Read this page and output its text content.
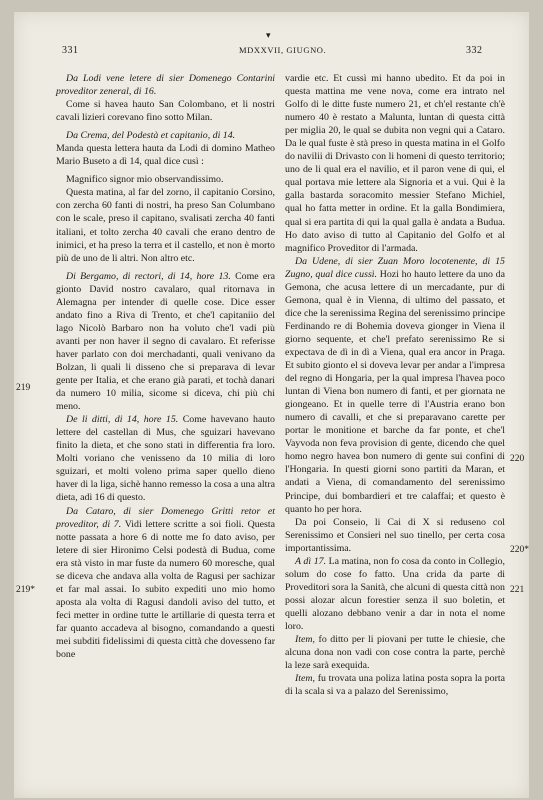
▾
331	MDXXVII, GIUGNO.	332
219
219*
220
220*
221

Da Lodi vene letere di sier Domenego Contarini proveditor zeneral, di 16.

Come si havea hauto San Colombano, et li nostri cavali lizieri corevano fino sotto Milan.

Da Crema, del Podestà et capitanio, di 14.

Manda questa lettera hauta da Lodi di domino Matheo Mario Buseto a dì 14, qual dice cusì :

Magnifico signor mio observandissimo.

Questa matina, al far del zorno, il capitanio Corsino, con zercha 60 fanti di nostri, ha preso San Columbano con le scale, preso il capitano, svalisati zercha 40 fanti italiani, et tolto zercha 40 cavali che erano dentro de inimici, et ha preso la terra et il castello, et non è morto più de uno de li altri. Non altro etc.

Di Bergamo, di rectori, di 14, hore 13. Come era gionto David nostro cavalaro, qual ritornava in Alemagna per intender di quelle cose. Dice esser andato fino a Riva di Trento, et che'l capitaniio del lago Nicolò Barbaro non ha voluto che'l vadi più avanti per non haver il segno di cavalaro. Et referisse haver parlato con doi merchadanti, quali venivano da Bolzan, li quali li disseno che si preparava di levar gente per Italia, et che erano già parati, et tochà danari da numero 10 milia, sicome si diceva, chi più chi meno.

De li ditti, di 14, hore 15. Come havevano hauto lettere del castellan di Mus, che sguizari havevano finito la dieta, et che sono stati in differentia fra loro. Molti voriano che venisseno da 10 milia di loro sguizari, et molti voleno prima saper quello dieno haver di la liga, sichè hanno remesso la cosa a una altra dieta, adì 16 di questo.

Da Cataro, di sier Domenego Gritti retor et proveditor, di 7. Vidi lettere scritte a soi fioli. Questa notte passata a hore 6 di notte me fo dato aviso, per letere di sier Hironimo Celsi podestà di Budua, come era stà visto in mar fuste da numero 60 moresche, qual se diceva che andava alla volta de Ragusi per sachizar et far mal assai. Io subito expediti uno mio homo aposta ala volta di Ragusi dandoli aviso del tutto, et feci metter in ordine tutte le artillarie di questa terra et far quanto accadeva al bisogno, comandando a questi mei subditi fidelissimi di questa città che dovesseno far bone

vardie etc. Et cussì mi hanno ubedito. Et da poi in questa mattina me vene nova, come era intrato nel Golfo di le ditte fuste numero 21, et ch'el restante ch'è numero 40 è restato a Malunta, luntan di questa città per miglia 20, le qual se dubita non vegni qui a Cataro. Da le qual fuste è stà preso in questa matina in el Golfo do navilii di Drivasto con li homeni di questo territorio; uno de li qual era el navilio, et il paron vene di qui, el qual portava mie lettere ala Signoria et a vui. Qui è la galla bastarda soracomito messier Stefano Michiel, qual ho fatta metter in ordine. Et la galla Bondimiera, qual si era partita di qui la qual galla è andata a Budua. Ho dato aviso di tutto al Capitanio del Golfo et al magnifico Proveditor di l'armada.

Da Udene, di sier Zuan Moro locotenente, di 15 Zugno, qual dice cussì. Hozi ho hauto lettere da uno da Gemona, che acusa lettere di un mercadante, pur di Gemona, qual è in Vienna, di ultimo del passato, et dice che la serenissima Regina del serenissimo principe Ferdinando re di Bohemia doveva gionger in Viena il giorno sequente, et che'l prefato serenissimo Re si expectava de dì in dì a Viena, qual era ancor in Praga. Et subito gionto el si doveva levar per andar a l'impresa del regno di Hongaria, per la qual impresa l'havea poco luntan di Viena bon numero di fanti, et per giornata ne giongeano. Et in quelle terre di l'Austria erano bon numero di cavalli, et che si preparavano carette per portar le monitione et barche da far ponte, et che'l Vayvoda non feva provision di gente, dicendo che quel homo negro havea bon numero di gente sui confini di l'Hongaria. In questi giorni sono partiti da Maran, et andati a Viena, di comandamento del serenissimo Principe, dui bombardieri et tre calaffai; et questo è quanto ho per hora.

Da poi Conseio, li Cai di X si reduseno col Serenissimo et Consieri nel suo tinello, per certa cosa importantissima.

A dì 17. La matina, non fo cosa da conto in Collegio, solum do cose fo fatto. Una crida da parte di Proveditori sora la Sanità, che alcuni di questa città non possi alozar alcun forestier senza il suo boletin, et quelli alozano debbano venir a dar in nota el nome loro.

Item, fo ditto per li piovani per tutte le chiesie, che alcuna dona non vadi con cose contra la parte, perchè la leze sarà exequida.

Item, fu trovata una poliza latina posta sopra la porta di la scala si va a palazo del Serenissimo,
